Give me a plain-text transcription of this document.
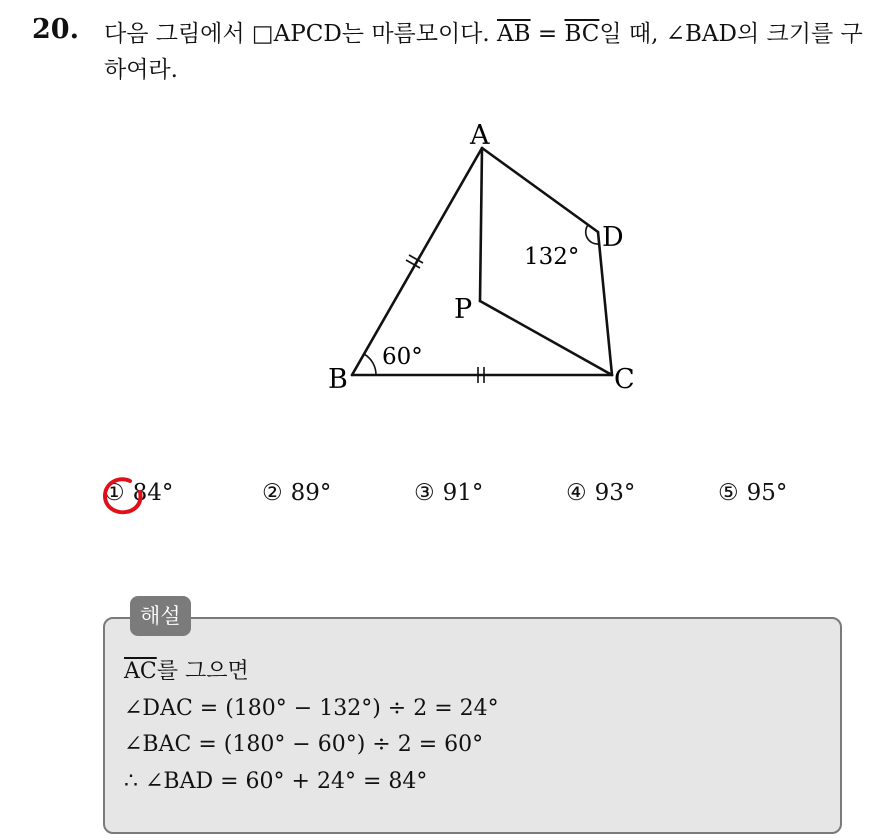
20. 다음 그림에서 □APCD는 마름모이다. $\overline{AB} = \overline{BC}$일 때, ∠BAD의 크기를 구하여라.
A
B	C
D
P
60°
132°
① 84°	② 89°	③ 91°	④ 93°	⑤ 95°
해설
$\overline{AC}$를 그으면
∠DAC = (180° − 132°) ÷ 2 = 24°
∠BAC = (180° − 60°) ÷ 2 = 60°
∴ ∠BAD = 60° + 24° = 84°
